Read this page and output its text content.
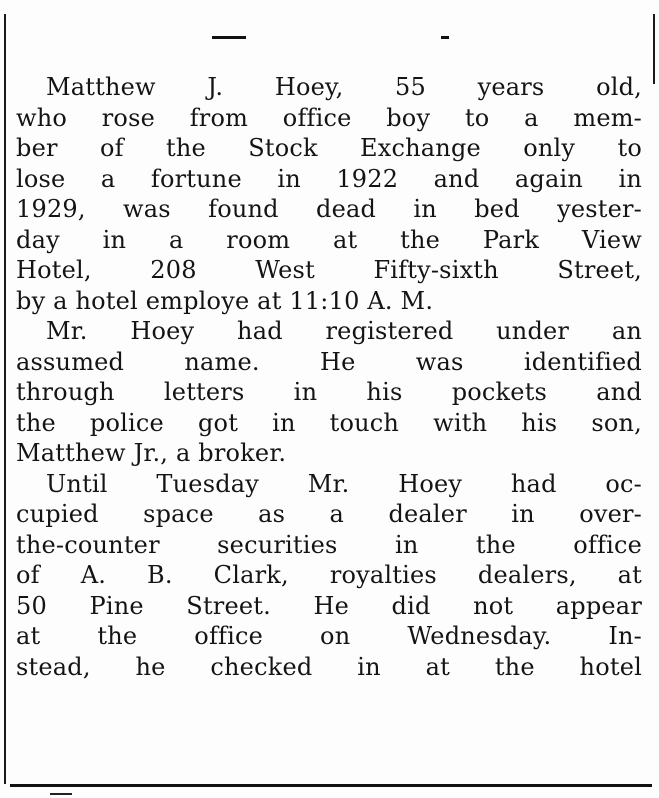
Matthew J. Hoey, 55 years old,
who rose from office boy to a mem-
ber of the Stock Exchange only to
lose a fortune in 1922 and again in
1929, was found dead in bed yester-
day in a room at the Park View
Hotel, 208 West Fifty-sixth Street,
by a hotel employe at 11:10 A. M.
Mr. Hoey had registered under an
assumed name. He was identified
through letters in his pockets and
the police got in touch with his son,
Matthew Jr., a broker.
Until Tuesday Mr. Hoey had oc-
cupied space as a dealer in over-
the-counter securities in the office
of A. B. Clark, royalties dealers, at
50 Pine Street. He did not appear
at the office on Wednesday. In-
stead, he checked in at the hotel
